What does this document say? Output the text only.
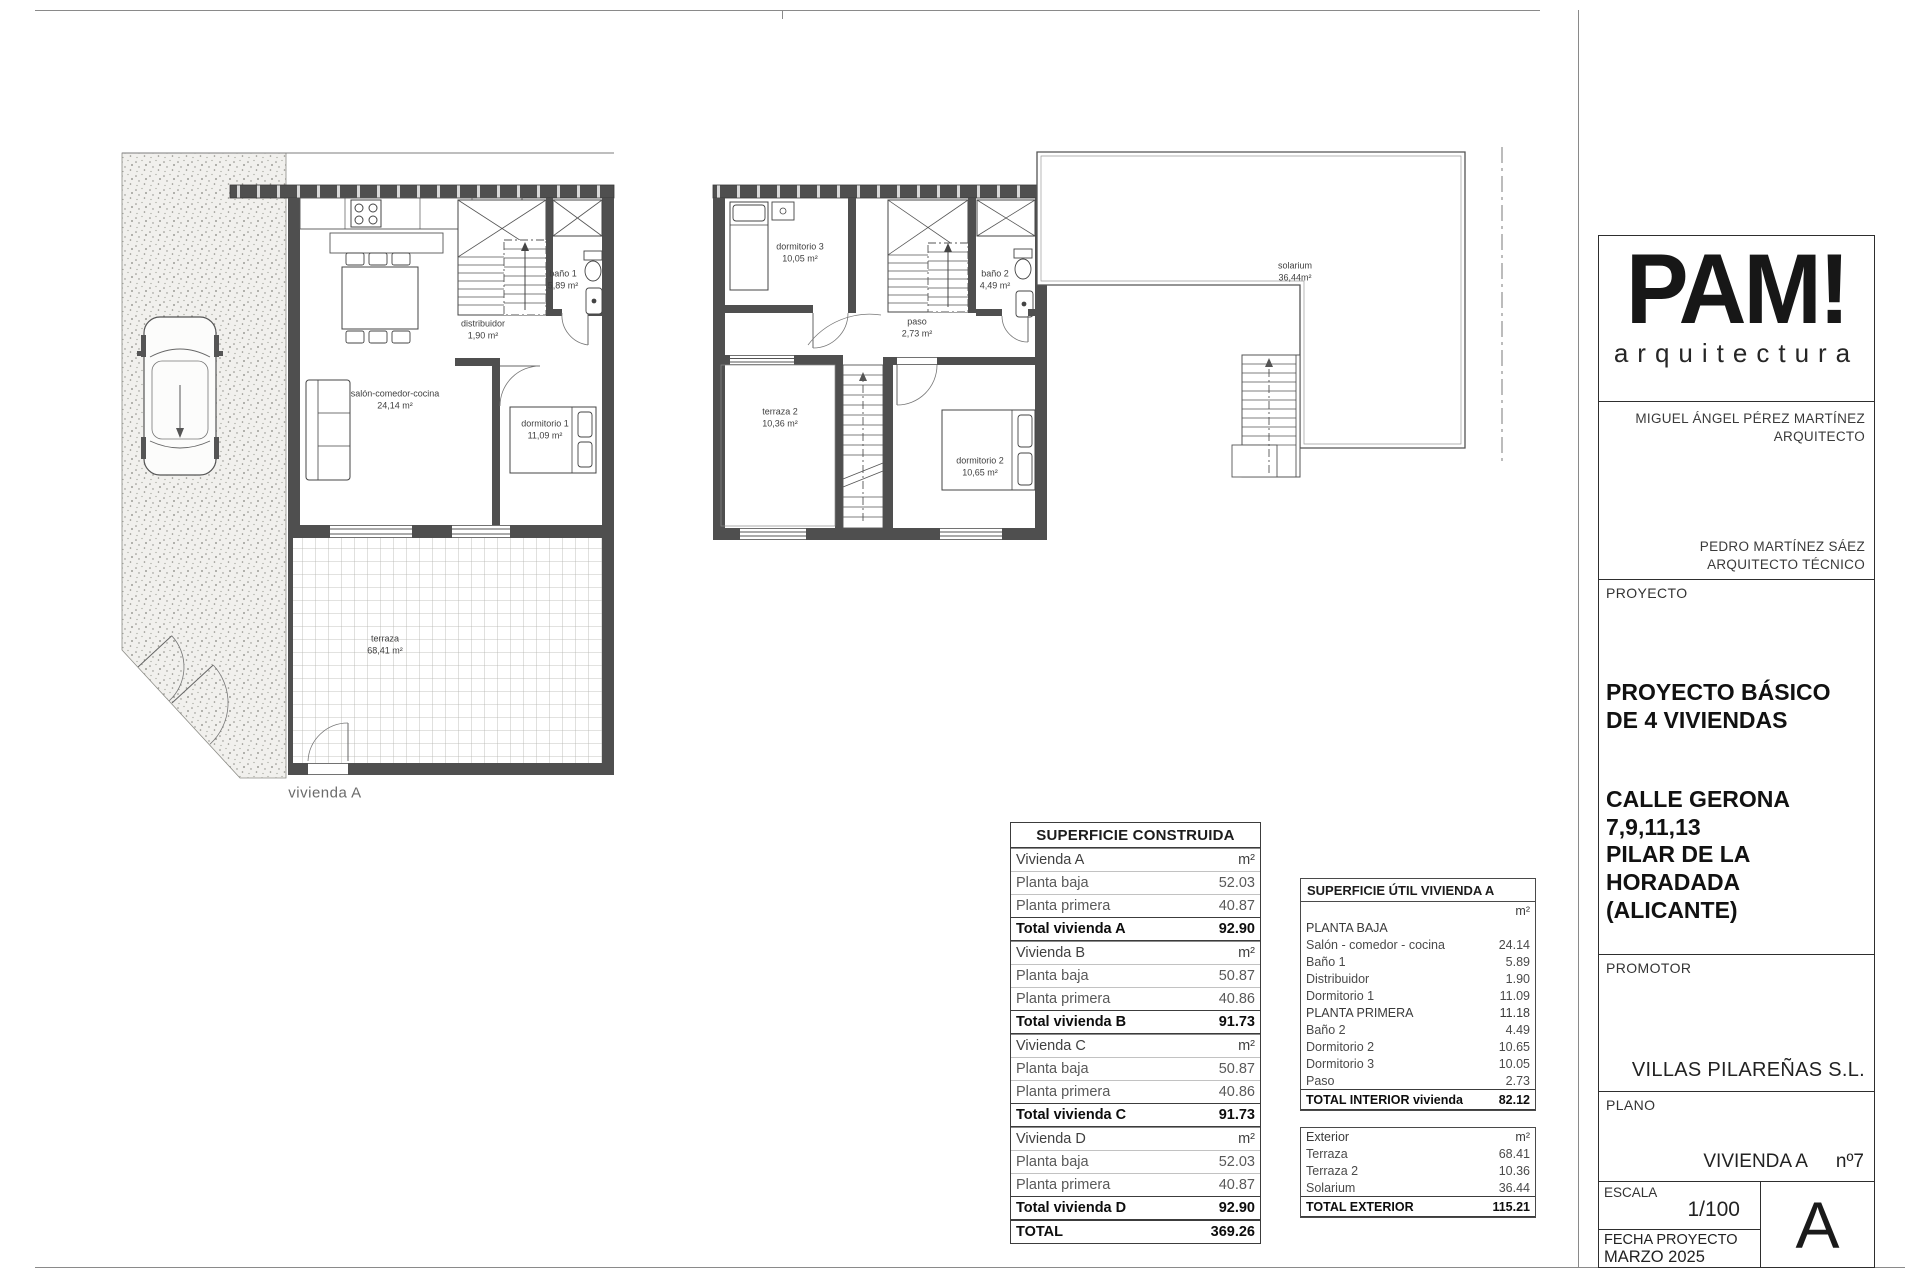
salón-comedor-cocina
24,14 m²
distribuidor
1,90 m²
baño 1
5,89 m²
dormitorio 1
11,09 m²
terraza
68,41 m²
vivienda A
dormitorio 3
10,05 m²
baño 2
4,49 m²
paso
2,73 m²
terraza 2
10,36 m²
dormitorio 2
10,65 m²
solarium
36,44m²
SUPERFICIE CONSTRUIDA
Vivienda A	m²
Planta baja	52.03
Planta primera	40.87
Total vivienda A	92.90
Vivienda B	m²
Planta baja	50.87
Planta primera	40.86
Total vivienda B	91.73
Vivienda C	m²
Planta baja	50.87
Planta primera	40.86
Total vivienda C	91.73
Vivienda D	m²
Planta baja	52.03
Planta primera	40.87
Total vivienda D	92.90
TOTAL	369.26
SUPERFICIE ÚTIL VIVIENDA A
m²
PLANTA BAJA
Salón - comedor - cocina	24.14
Baño 1	5.89
Distribuidor	1.90
Dormitorio 1	11.09
PLANTA PRIMERA	11.18
Baño 2	4.49
Dormitorio 2	10.65
Dormitorio 3	10.05
Paso	2.73
TOTAL INTERIOR vivienda	82.12
Exterior	m²
Terraza	68.41
Terraza 2	10.36
Solarium	36.44
TOTAL EXTERIOR	115.21
PAM!
arquitectura
MIGUEL ÁNGEL PÉREZ MARTÍNEZ
ARQUITECTO
PEDRO MARTÍNEZ SÁEZ
ARQUITECTO TÉCNICO
PROYECTO
PROYECTO BÁSICO DE 4 VIVIENDAS
CALLE GERONA
7,9,11,13
PILAR DE LA HORADADA
(ALICANTE)
PROMOTOR
VILLAS PILAREÑAS S.L.
PLANO
VIVIENDA A nº7
ESCALA
1/100
FECHA PROYECTO
MARZO 2025	A
